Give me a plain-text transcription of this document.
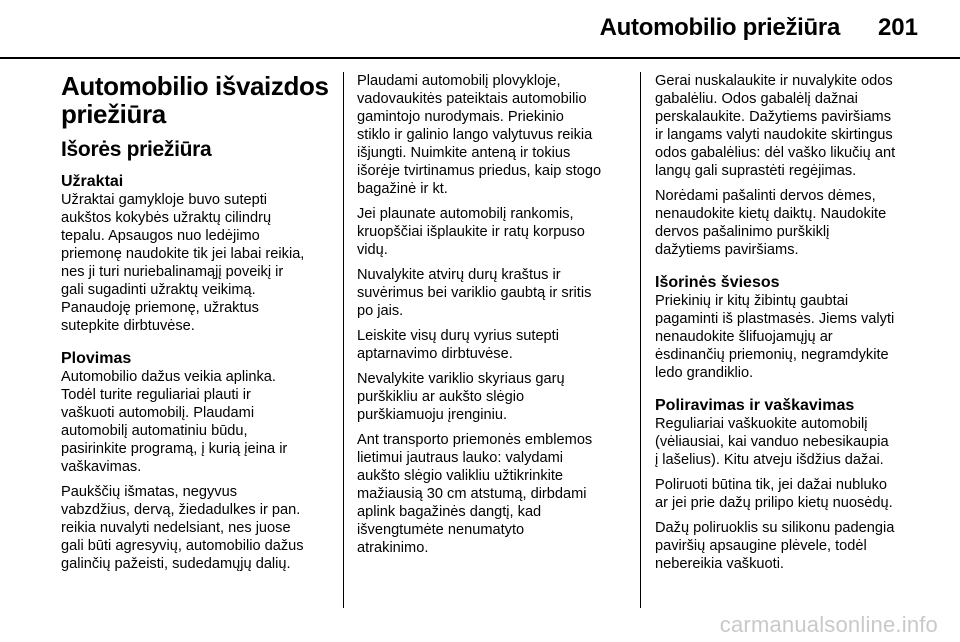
Automobilio priežiūra 201
Automobilio išvaizdos
priežiūra
Išorės priežiūra
Užraktai

Užraktai gamykloje buvo sutepti
aukštos kokybės užraktų cilindrų
tepalu. Apsaugos nuo ledėjimo
priemonę naudokite tik jei labai reikia,
nes ji turi nuriebalinamąjį poveikį ir
gali sugadinti užraktų veikimą.
Panaudoję priemonę, užraktus
sutepkite dirbtuvėse.

Plovimas

Automobilio dažus veikia aplinka.
Todėl turite reguliariai plauti ir
vaškuoti automobilį. Plaudami
automobilį automatiniu būdu,
pasirinkite programą, į kurią įeina ir
vaškavimas.

Paukščių išmatas, negyvus
vabzdžius, dervą, žiedadulkes ir pan.
reikia nuvalyti nedelsiant, nes juose
gali būti agresyvių, automobilio dažus
galinčių pažeisti, sudedamųjų dalių.

Plaudami automobilį plovykloje,
vadovaukitės pateiktais automobilio
gamintojo nurodymais. Priekinio
stiklo ir galinio lango valytuvus reikia
išjungti. Nuimkite anteną ir tokius
išorėje tvirtinamus priedus, kaip stogo
bagažinė ir kt.

Jei plaunate automobilį rankomis,
kruopščiai išplaukite ir ratų korpuso
vidų.

Nuvalykite atvirų durų kraštus ir
suvėrimus bei variklio gaubtą ir sritis
po jais.

Leiskite visų durų vyrius sutepti
aptarnavimo dirbtuvėse.

Nevalykite variklio skyriaus garų
purškikliu ar aukšto slėgio
purškiamuoju įrenginiu.

Ant transporto priemonės emblemos
lietimui jautraus lauko: valydami
aukšto slėgio valikliu užtikrinkite
mažiausią 30 cm atstumą, dirbdami
aplink bagažinės dangtį, kad
išvengtumėte nenumatyto
atrakinimo.

Gerai nuskalaukite ir nuvalykite odos
gabalėliu. Odos gabalėlį dažnai
perskalaukite. Dažytiems paviršiams
ir langams valyti naudokite skirtingus
odos gabalėlius: dėl vaško likučių ant
langų gali suprastėti regėjimas.

Norėdami pašalinti dervos dėmes,
nenaudokite kietų daiktų. Naudokite
dervos pašalinimo purškiklį
dažytiems paviršiams.

Išorinės šviesos

Priekinių ir kitų žibintų gaubtai
pagaminti iš plastmasės. Jiems valyti
nenaudokite šlifuojamųjų ar
ėsdinančių priemonių, negramdykite
ledo grandiklio.

Poliravimas ir vaškavimas

Reguliariai vaškuokite automobilį
(vėliausiai, kai vanduo nebesikaupia
į lašelius). Kitu atveju išdžius dažai.

Poliruoti būtina tik, jei dažai nubluko
ar jei prie dažų prilipo kietų nuosėdų.

Dažų poliruoklis su silikonu padengia
paviršių apsaugine plėvele, todėl
nebereikia vaškuoti.

carmanualsonline.info
